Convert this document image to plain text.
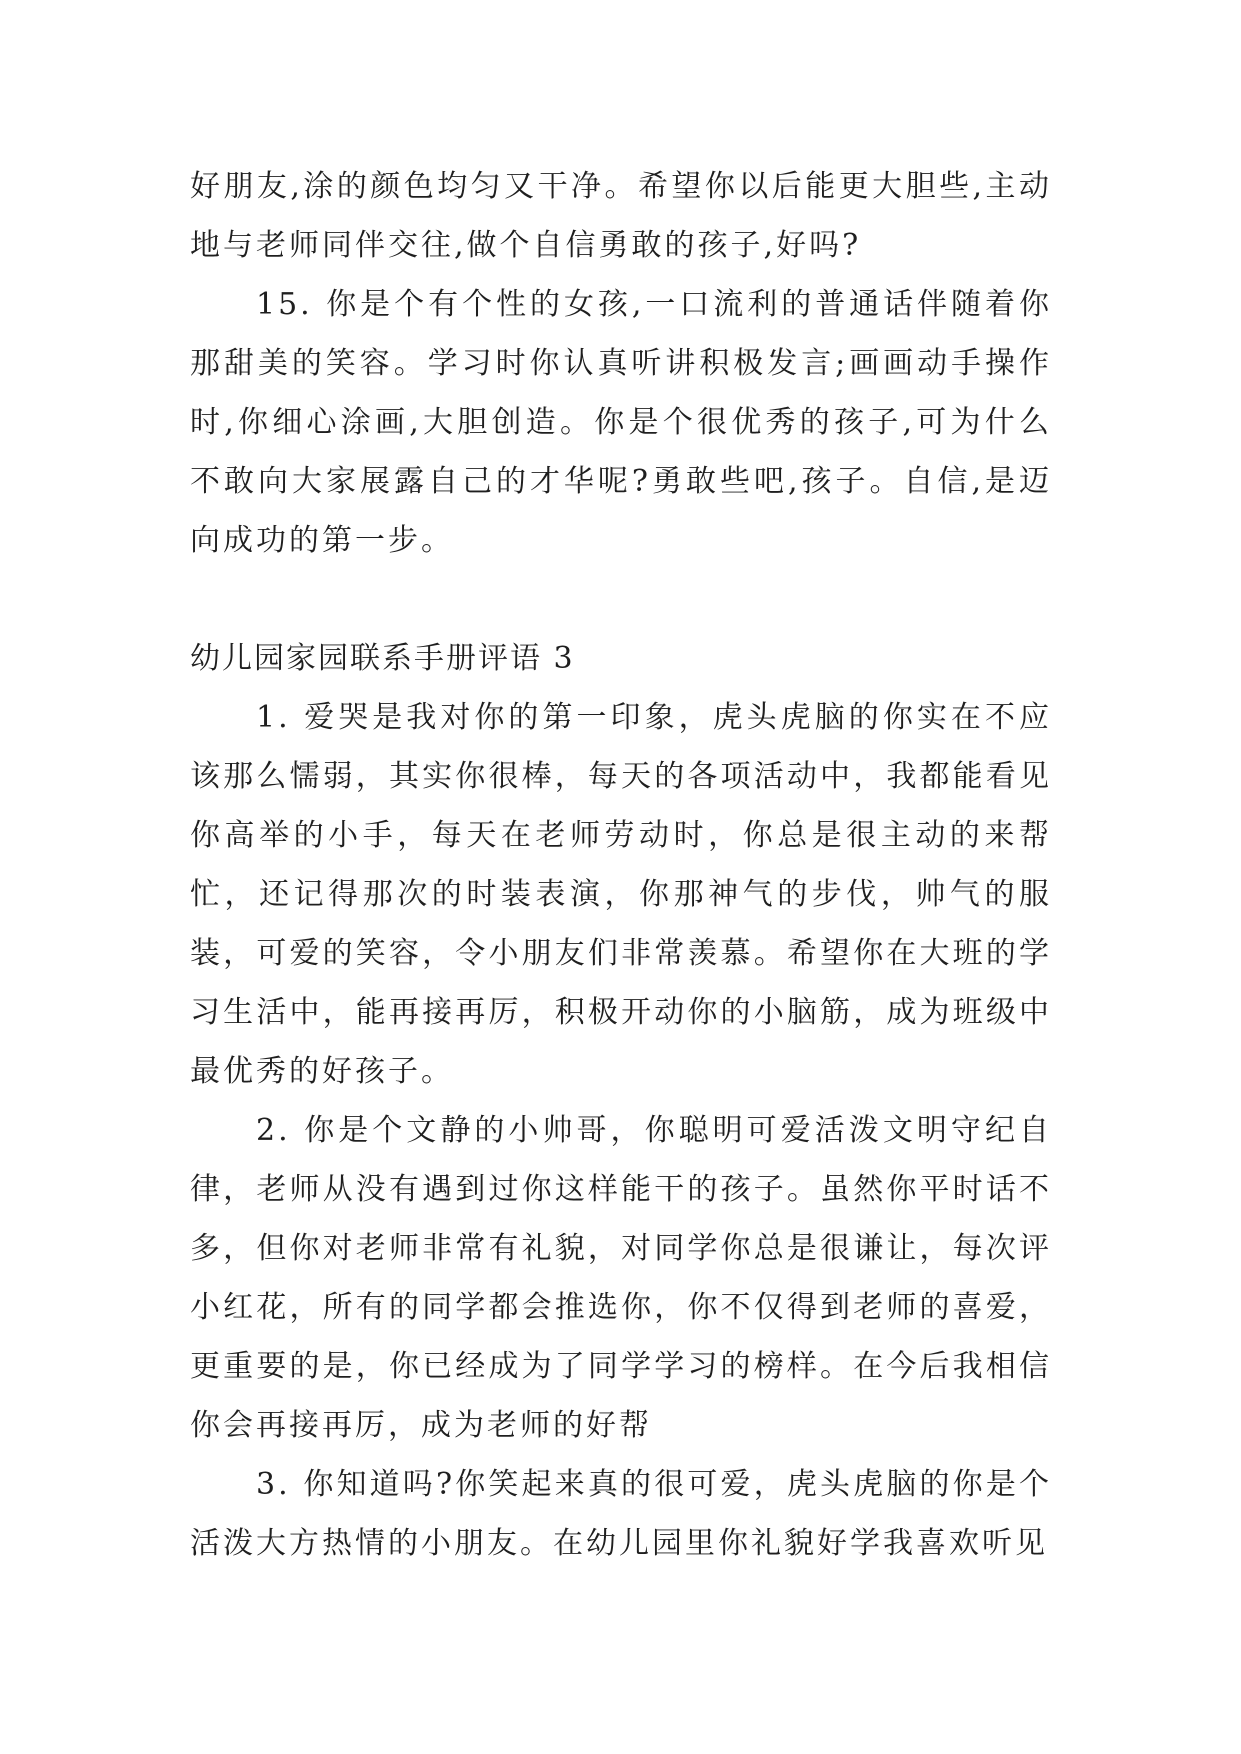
好朋友,涂的颜色均匀又干净。希望你以后能更大胆些,主动地与老师同伴交往,做个自信勇敢的孩子,好吗?

15. 你是个有个性的女孩,一口流利的普通话伴随着你那甜美的笑容。学习时你认真听讲积极发言;画画动手操作时,你细心涂画,大胆创造。你是个很优秀的孩子,可为什么不敢向大家展露自己的才华呢?勇敢些吧,孩子。自信,是迈向成功的第一步。

幼儿园家园联系手册评语 3

1. 爱哭是我对你的第一印象，虎头虎脑的你实在不应该那么懦弱，其实你很棒，每天的各项活动中，我都能看见你高举的小手，每天在老师劳动时，你总是很主动的来帮忙，还记得那次的时装表演，你那神气的步伐，帅气的服装，可爱的笑容，令小朋友们非常羡慕。希望你在大班的学习生活中，能再接再厉，积极开动你的小脑筋，成为班级中最优秀的好孩子。

2. 你是个文静的小帅哥，你聪明可爱活泼文明守纪自律，老师从没有遇到过你这样能干的孩子。虽然你平时话不多，但你对老师非常有礼貌，对同学你总是很谦让，每次评小红花，所有的同学都会推选你，你不仅得到老师的喜爱，更重要的是，你已经成为了同学学习的榜样。在今后我相信你会再接再厉，成为老师的好帮

3. 你知道吗?你笑起来真的很可爱，虎头虎脑的你是个活泼大方热情的小朋友。在幼儿园里你礼貌好学我喜欢听见
